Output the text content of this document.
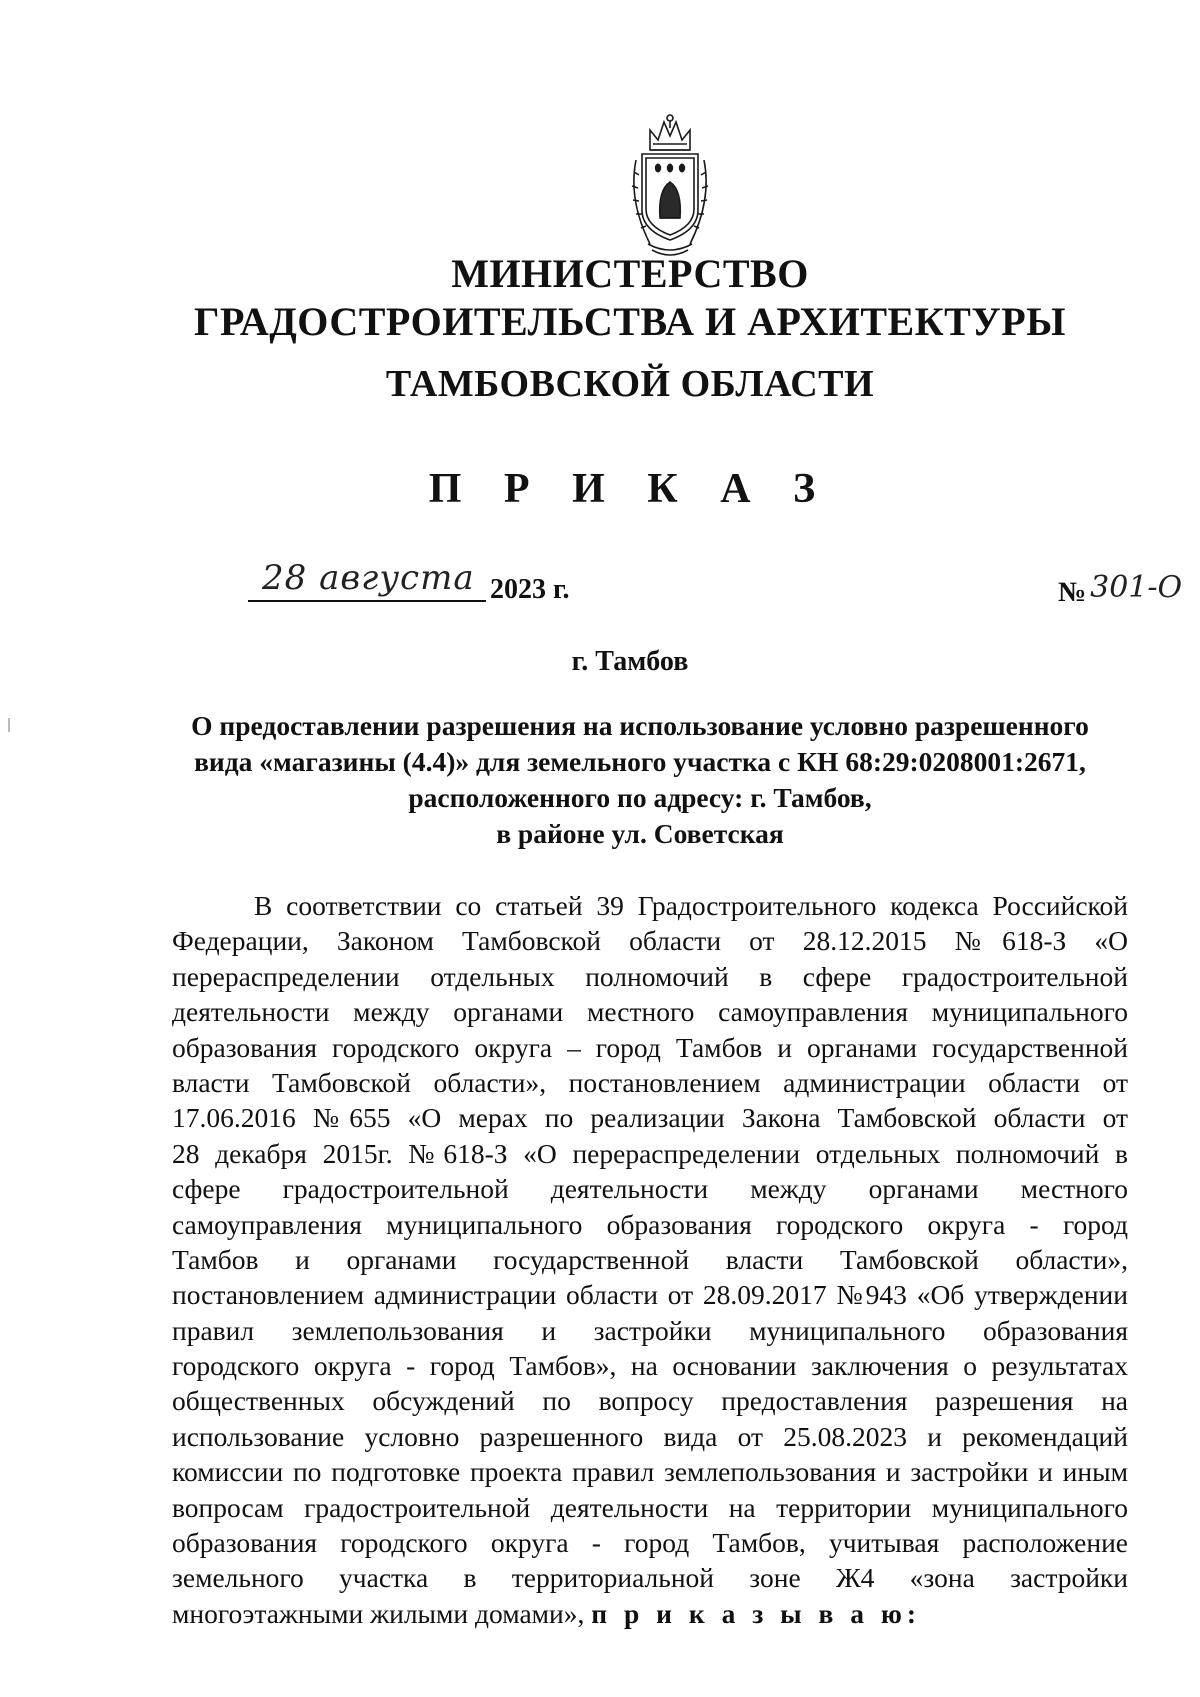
МИНИСТЕРСТВО
ГРАДОСТРОИТЕЛЬСТВА И АРХИТЕКТУРЫ
ТАМБОВСКОЙ ОБЛАСТИ
П Р И К А З
28 августа 2023 г.	№ 301-О
г. Тамбов
О предоставлении разрешения на использование условно разрешенного
вида «магазины (4.4)» для земельного участка с КН 68:29:0208001:2671,
расположенного по адресу: г. Тамбов,
в районе ул. Советская
В соответствии со статьей 39 Градостроительного кодекса Российской
Федерации, Законом Тамбовской области от 28.12.2015 №618-З «О
перераспределении отдельных полномочий в сфере градостроительной
деятельности между органами местного самоуправления муниципального
образования городского округа – город Тамбов и органами государственной
власти Тамбовской области», постановлением администрации области от
17.06.2016 №655 «О мерах по реализации Закона Тамбовской области от
28 декабря 2015г. №618-З «О перераспределении отдельных полномочий в
сфере градостроительной деятельности между органами местного
самоуправления муниципального образования городского округа - город
Тамбов и органами государственной власти Тамбовской области»,
постановлением администрации области от 28.09.2017 №943 «Об утверждении
правил землепользования и застройки муниципального образования
городского округа - город Тамбов», на основании заключения о результатах
общественных обсуждений по вопросу предоставления разрешения на
использование условно разрешенного вида от 25.08.2023 и рекомендаций
комиссии по подготовке проекта правил землепользования и застройки и иным
вопросам градостроительной деятельности на территории муниципального
образования городского округа - город Тамбов, учитывая расположение
земельного участка в территориальной зоне Ж4 «зона застройки
многоэтажными жилыми домами», п р и к а з ы в а ю:
